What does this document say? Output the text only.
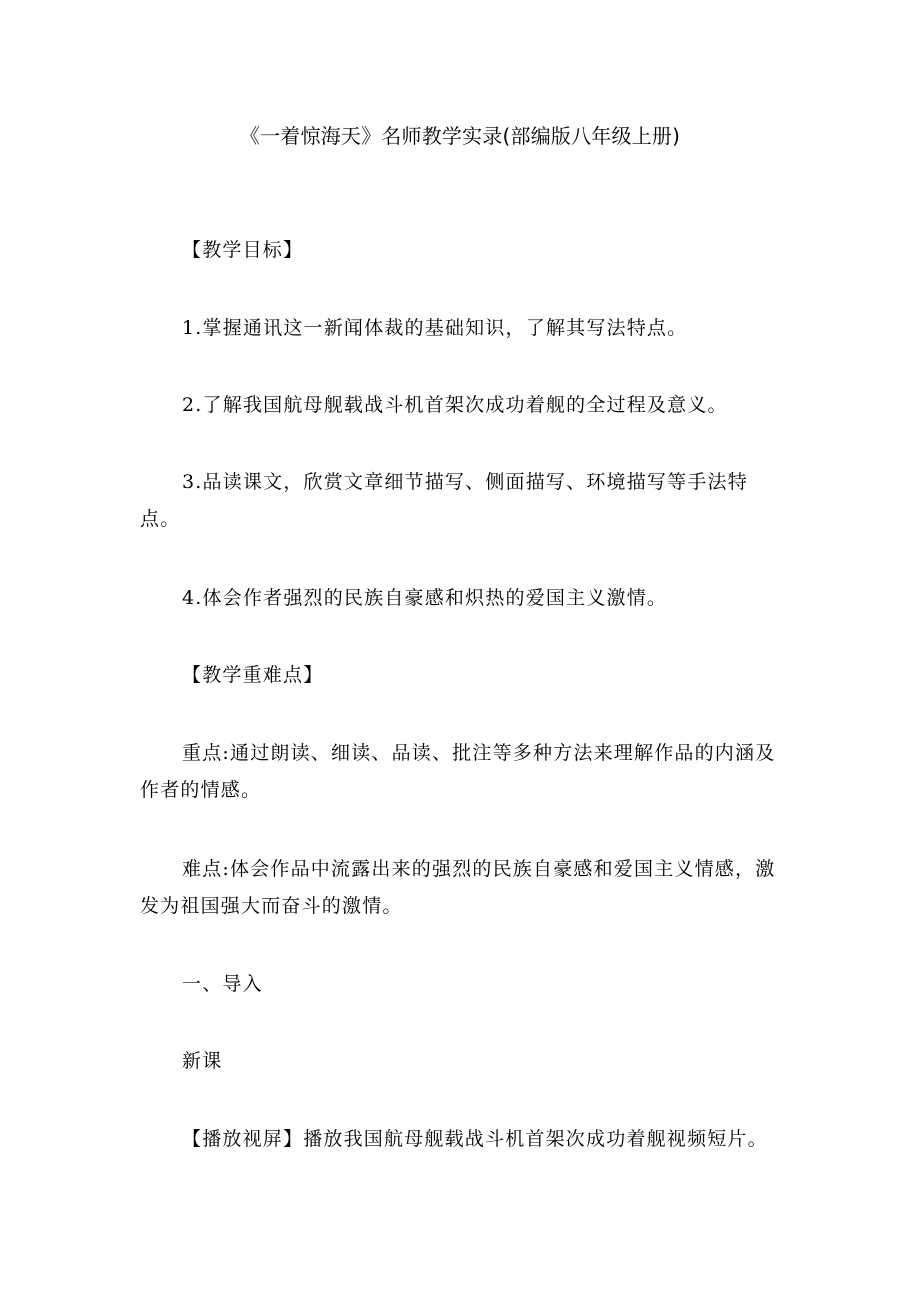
《一着惊海天》名师教学实录(部编版八年级上册)

【教学目标】

1.掌握通讯这一新闻体裁的基础知识，了解其写法特点。

2.了解我国航母舰载战斗机首架次成功着舰的全过程及意义。

3.品读课文，欣赏文章细节描写、侧面描写、环境描写等手法特点。

4.体会作者强烈的民族自豪感和炽热的爱国主义激情。

【教学重难点】

重点:通过朗读、细读、品读、批注等多种方法来理解作品的内涵及作者的情感。

难点:体会作品中流露出来的强烈的民族自豪感和爱国主义情感，激发为祖国强大而奋斗的激情。

一、导入

新课

【播放视屏】播放我国航母舰载战斗机首架次成功着舰视频短片。
